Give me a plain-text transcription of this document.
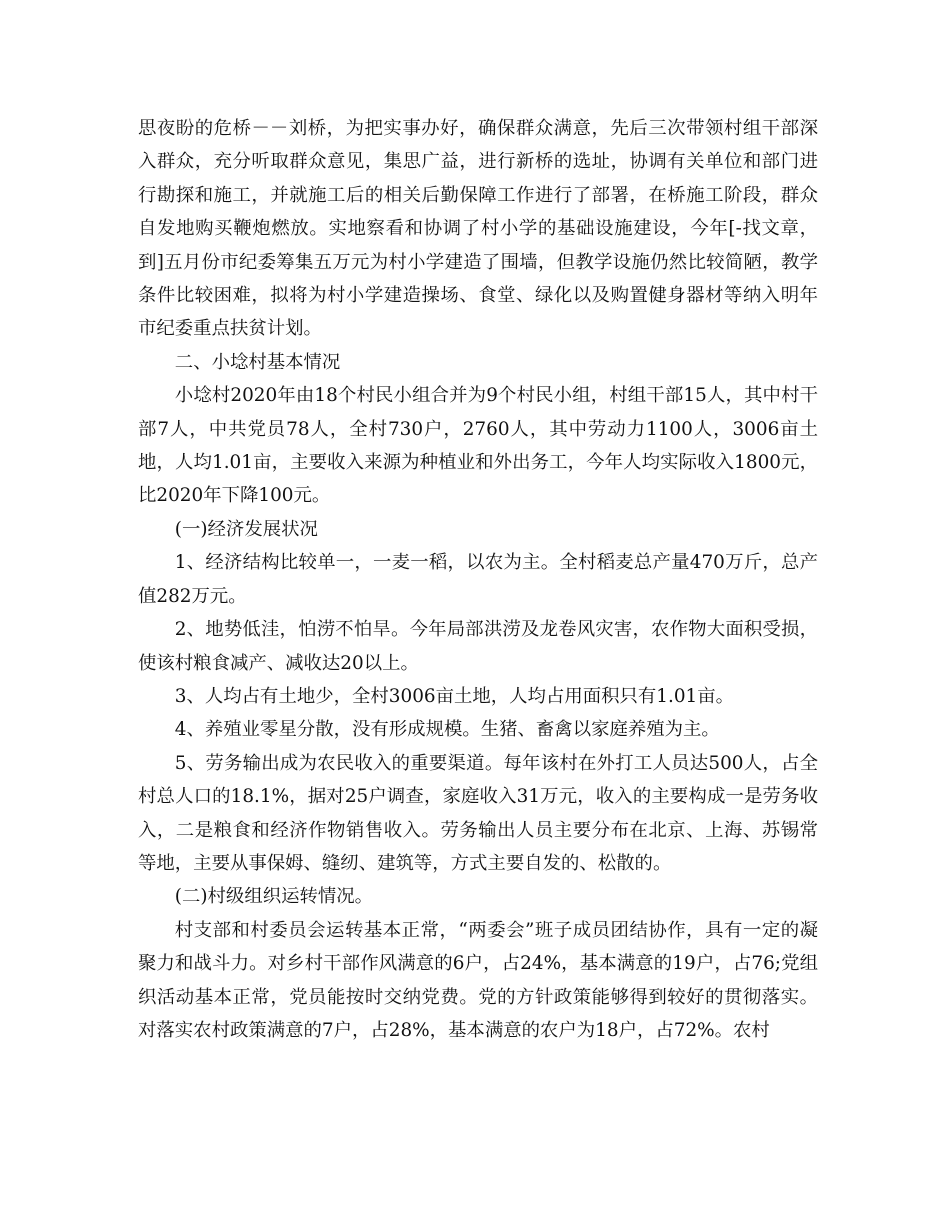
思夜盼的危桥－－刘桥，为把实事办好，确保群众满意，先后三次带领村组干部深入群众，充分听取群众意见，集思广益，进行新桥的选址，协调有关单位和部门进行勘探和施工，并就施工后的相关后勤保障工作进行了部署，在桥施工阶段，群众自发地购买鞭炮燃放。实地察看和协调了村小学的基础设施建设，今年[-找文章，到]五月份市纪委筹集五万元为村小学建造了围墙，但教学设施仍然比较简陋，教学条件比较困难，拟将为村小学建造操场、食堂、绿化以及购置健身器材等纳入明年市纪委重点扶贫计划。

二、小埝村基本情况

小埝村2020年由18个村民小组合并为9个村民小组，村组干部15人，其中村干部7人，中共党员78人，全村730户，2760人，其中劳动力1100人，3006亩土地，人均1.01亩，主要收入来源为种植业和外出务工，今年人均实际收入1800元，比2020年下降100元。

(一)经济发展状况

1、经济结构比较单一，一麦一稻，以农为主。全村稻麦总产量470万斤，总产值282万元。

2、地势低洼，怕涝不怕旱。今年局部洪涝及龙卷风灾害，农作物大面积受损，使该村粮食减产、减收达20以上。

3、人均占有土地少，全村3006亩土地，人均占用面积只有1.01亩。

4、养殖业零星分散，没有形成规模。生猪、畜禽以家庭养殖为主。

5、劳务输出成为农民收入的重要渠道。每年该村在外打工人员达500人，占全村总人口的18.1%，据对25户调查，家庭收入31万元，收入的主要构成一是劳务收入，二是粮食和经济作物销售收入。劳务输出人员主要分布在北京、上海、苏锡常等地，主要从事保姆、缝纫、建筑等，方式主要自发的、松散的。

(二)村级组织运转情况。

村支部和村委员会运转基本正常，“两委会”班子成员团结协作，具有一定的凝聚力和战斗力。对乡村干部作风满意的6户，占24%，基本满意的19户，占76;党组织活动基本正常，党员能按时交纳党费。党的方针政策能够得到较好的贯彻落实。对落实农村政策满意的7户，占28%，基本满意的农户为18户，占72%。农村
